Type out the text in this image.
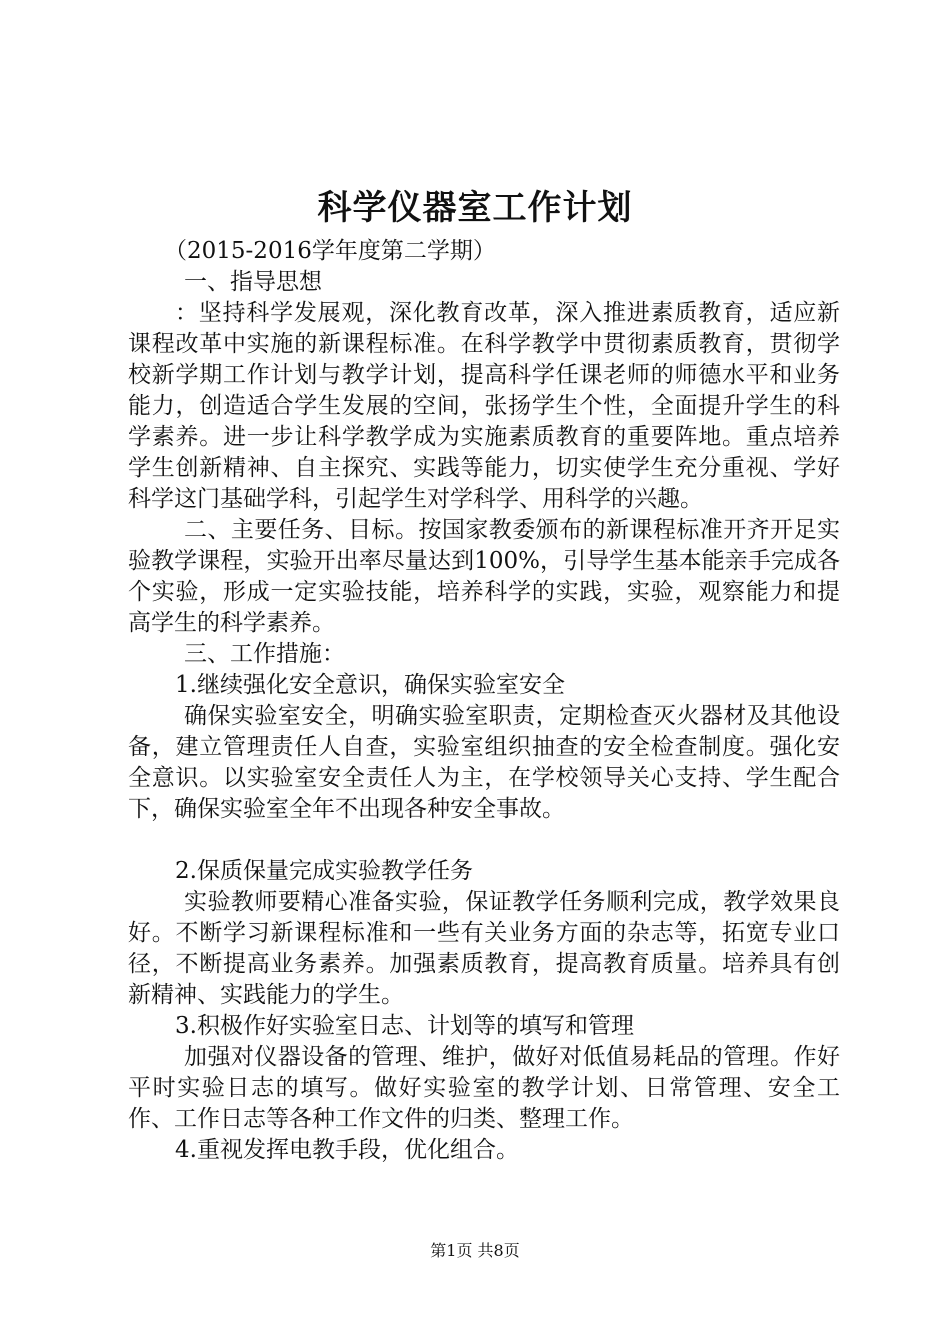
科学仪器室工作计划

（2015-2016学年度第二学期）

一、指导思想

：坚持科学发展观，深化教育改革，深入推进素质教育，适应新课程改革中实施的新课程标准。在科学教学中贯彻素质教育，贯彻学校新学期工作计划与教学计划，提高科学任课老师的师德水平和业务能力，创造适合学生发展的空间，张扬学生个性，全面提升学生的科学素养。进一步让科学教学成为实施素质教育的重要阵地。重点培养学生创新精神、自主探究、实践等能力，切实使学生充分重视、学好科学这门基础学科，引起学生对学科学、用科学的兴趣。

二、主要任务、目标。按国家教委颁布的新课程标准开齐开足实验教学课程，实验开出率尽量达到100%，引导学生基本能亲手完成各个实验，形成一定实验技能，培养科学的实践，实验，观察能力和提高学生的科学素养。

三、工作措施：

1.继续强化安全意识，确保实验室安全

确保实验室安全，明确实验室职责，定期检查灭火器材及其他设备，建立管理责任人自查，实验室组织抽查的安全检查制度。强化安全意识。以实验室安全责任人为主，在学校领导关心支持、学生配合下，确保实验室全年不出现各种安全事故。

2.保质保量完成实验教学任务

实验教师要精心准备实验，保证教学任务顺利完成，教学效果良好。不断学习新课程标准和一些有关业务方面的杂志等，拓宽专业口径，不断提高业务素养。加强素质教育，提高教育质量。培养具有创新精神、实践能力的学生。

3.积极作好实验室日志、计划等的填写和管理

加强对仪器设备的管理、维护，做好对低值易耗品的管理。作好平时实验日志的填写。做好实验室的教学计划、日常管理、安全工作、工作日志等各种工作文件的归类、整理工作。

4.重视发挥电教手段，优化组合。

第1页 共8页
